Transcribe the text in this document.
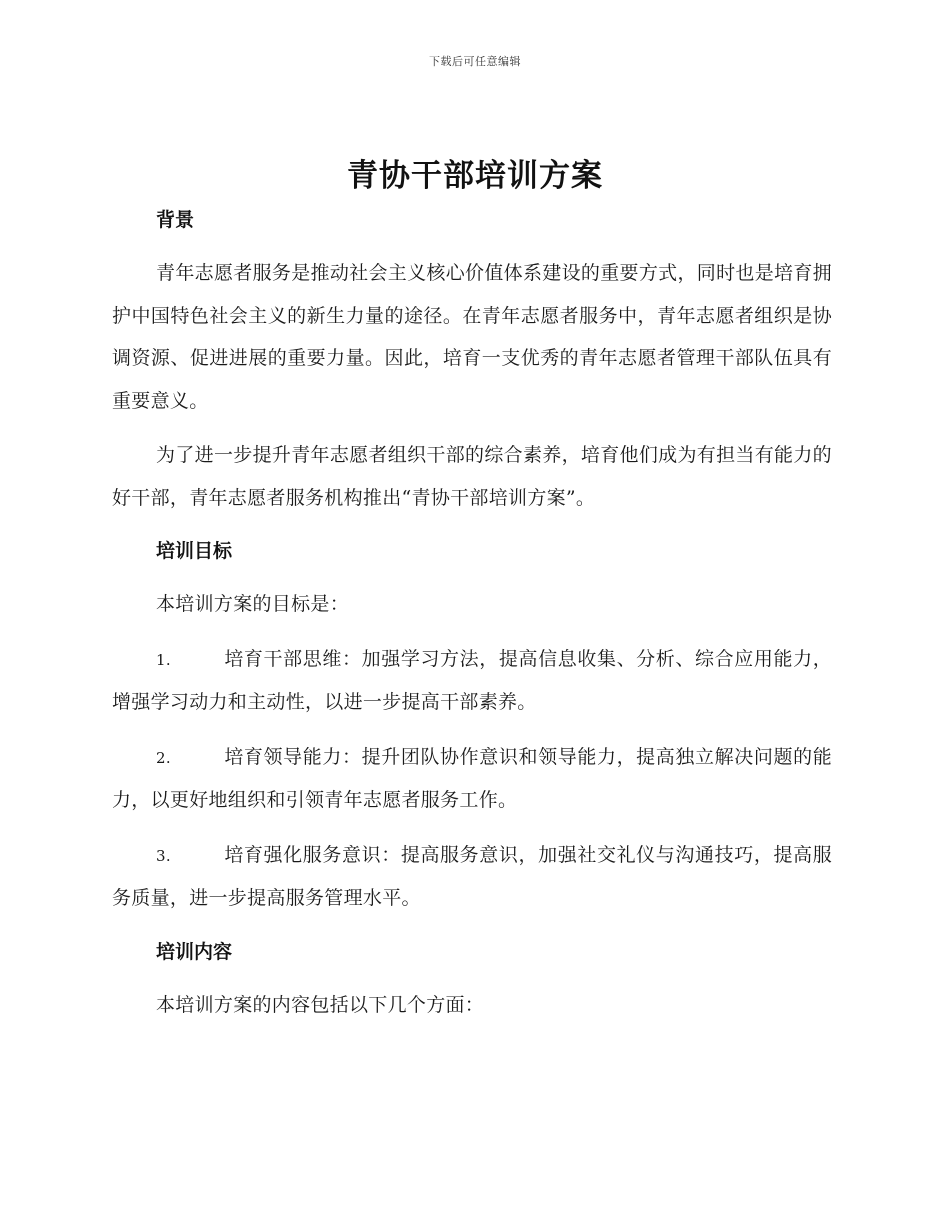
下载后可任意编辑
青协干部培训方案
背景

青年志愿者服务是推动社会主义核心价值体系建设的重要方式，同时也是培育拥护中国特色社会主义的新生力量的途径。在青年志愿者服务中，青年志愿者组织是协调资源、促进进展的重要力量。因此，培育一支优秀的青年志愿者管理干部队伍具有重要意义。

为了进一步提升青年志愿者组织干部的综合素养，培育他们成为有担当有能力的好干部，青年志愿者服务机构推出“青协干部培训方案”。

培训目标

本培训方案的目标是：

1.	培育干部思维：加强学习方法，提高信息收集、分析、综合应用能力，增强学习动力和主动性，以进一步提高干部素养。

2.	培育领导能力：提升团队协作意识和领导能力，提高独立解决问题的能力，以更好地组织和引领青年志愿者服务工作。

3.	培育强化服务意识：提高服务意识，加强社交礼仪与沟通技巧，提高服务质量，进一步提高服务管理水平。

培训内容

本培训方案的内容包括以下几个方面：
